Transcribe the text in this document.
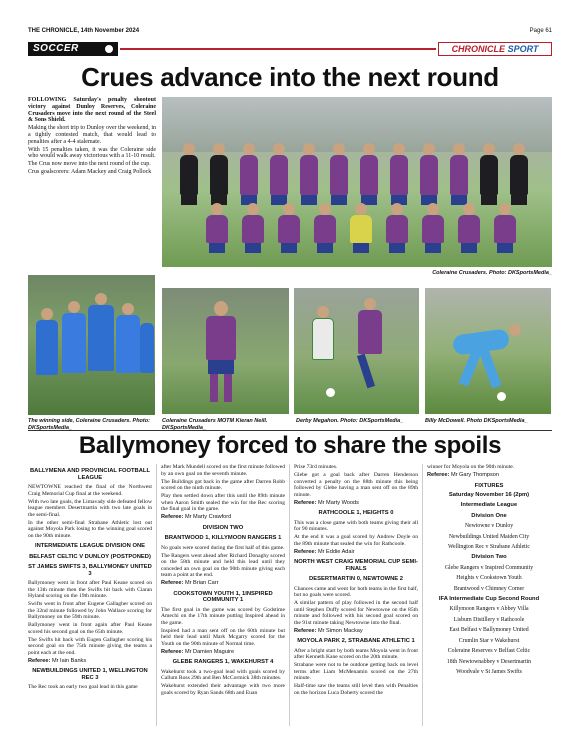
THE CHRONICLE, 14th November 2024	Page 61
SOCCER	CHRONICLE SPORT
Crues advance into the next round

FOLLOWING Saturday's penalty shootout victory against Dunloy Reserves, Coleraine Crusaders move into the next round of the Steel & Sons Shield.

Making the short trip to Dunloy over the weekend, in a tightly contested match, that would lead to penalties after a 4-4 stalemate.

With 15 penalties taken, it was the Coleraine side who would walk away victorious with a 11-10 result.

The Crus now move into the next round of the cup.

Crus goalscorers: Adam Mackey and Craig Pollock

Coleraine Crusaders. Photo: DKSportsMedia_
The winning side, Coleraine Crusaders. Photo: DKSportsMedia_
Coleraine Crusaders MOTM Kieran Neill. DKSportsMedia_
Derby Megahon. Photo: DKSportsMedia_	Billy McDowell. Photo DKSportsMedia_
Ballymoney forced to share the spoils
BALLYMENA AND PROVINCIAL FOOTBALL LEAGUE

NEWTOWNE reached the final of the Northwest Craig Memorial Cup final at the weekend.

With two late goals, the Limavady side defeated fellow league members Desertmartin with two late goals in the semi-final.

In the other semi-final Strabane Athletic lost out against Moyola Park losing to the winning goal scored on the 90th minute.

INTERMEDIATE LEAGUE DIVISION ONE
BELFAST CELTIC V DUNLOY (POSTPONED)
ST JAMES SWIFTS 3, BALLYMONEY UNITED 3

Ballymoney went in front after Paul Keane scored on the 13th minute then the Swifts hit back with Ciaran Hyland scoring on the 19th minute.

Swifts went in front after Eugene Gallagher scored on the 32nd minute followed by John Wallace scoring for Ballymoney on the 59th minute.

Ballymoney went in front again after Paul Keane scored his second goal on the 65th minute.

The Swifts hit back with Eugen Gallagher scoring his second goal on the 75th minute giving the teams a point each at the end.

Referee: Mr Iain Banks
NEWBUILDINGS UNITED 1, WELLINGTON REC 3

The Rec took an early two goal lead in this game

after Mark Mundell scored on the first minute followed by an own goal on the seventh minute.

The Buildings got back in the game after Darren Robb scored on the ninth minute.

Play then settled down after this until the 89th minute when Aaron Smith sealed the win for the Rec scoring the final goal in the game.

Referee: Mr Marty Crawford
DIVISION TWO
BRANTWOOD 1, KILLYMOON RANGERS 1

No goals were scored during the first half of this game.

The Rangers went ahead after Richard Donaghy scored on the 58th minute and held this lead until they conceded an own goal on the 90th minute giving each team a point at the end.

Referee: Mr Brian Carr
COOKSTOWN YOUTH 1, 1INSPIRED COMMUNITY 1

The first goal in the game was scored by Godstime Amechi on the 17th minute putting Inspired ahead in the game.

Inspired had a man sent off on the 60th minute but held their lead until Mark Mcgarry scored for the Youth on the 90th minute of Normal time.

Referee: Mr Damien Maguire
GLEBE RANGERS 1, WAKEHURST 4

Wakehurst took a two-goal lead with goals scored by Callum Ross 29th and Ben McCormick 38th minutes.

Wakehurst extended their advantage with two more goals scored by Ryan Sands 68th and Euan

Prise 73rd minutes.

Glebe got a goal back after Darren Henderson converted a penalty on the 88th minute this being followed by Glebe having a man sent off on the 89th minute.

Referee: Mr Marty Woods
RATHCOOLE 1, HEIGHTS 0

This was a close game with both teams giving their all for 90 minutes.

At the end it was a goal scored by Andrew Doyle on the 89th minute that sealed the win for Rathcoole.

Referee: Mr Eddie Adair
NORTH WEST CRAIG MEMORIAL CUP SEMI-FINALS
DESERTMARTIN 0, NEWTOWNE 2

Chances came and went for both teams in the first half, but no goals were scored.

A similar pattern of play followed in the second half until Stephen Duffy scored for Newtowne on the 85th minute and followed with his second goal scored on the 91st minute taking Newtowne into the final.

Referee: Mr Simon Mackay
MOYOLA PARK 2, STRABANE ATHLETIC 1

After a bright start by both teams Moyola went in front after Kenneth Kane scored on the 20th minute.

Strabane were not to be outdone getting back on level terms after Liam McMenamin scored on the 27th minute.

Half-time saw the teams still level then with Penalties on the horizon Luca Doherty scored the

winner for Moyola on the 90th minute.

Referee: Mr Gary Thompson
FIXTURES
Saturday November 16 (2pm)
Intermediate League
Division One
Newtowne v Dunloy
Newbuildings United Maiden City
Wellington Rec v Strabane Athletic
Division Two
Glebe Rangers v Inspired Community
Heights v Cookstown Youth
Brantwood v Chimney Corner
IFA Intermediate Cup Second Round
Killymoon Rangers v Abbey Villa
Lisburn Distillery v Rathcoole
East Belfast v Ballymoney United
Crumlin Star v Wakehurst
Coleraine Reserves v Belfast Celtic
18th Newtownabbey v Desertmartin
Woodvale v St James Swifts
